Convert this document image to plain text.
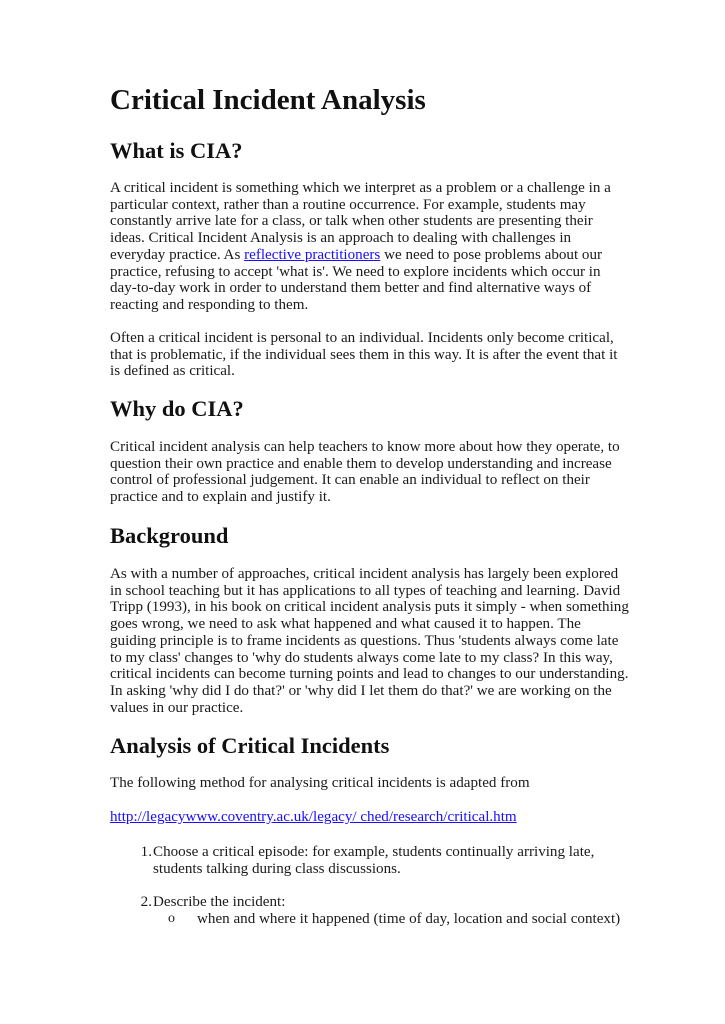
Critical Incident Analysis
What is CIA?

A critical incident is something which we interpret as a problem or a challenge in a particular context, rather than a routine occurrence. For example, students may constantly arrive late for a class, or talk when other students are presenting their ideas. Critical Incident Analysis is an approach to dealing with challenges in everyday practice. As reflective practitioners we need to pose problems about our practice, refusing to accept 'what is'. We need to explore incidents which occur in day-to-day work in order to understand them better and find alternative ways of reacting and responding to them.

Often a critical incident is personal to an individual. Incidents only become critical, that is problematic, if the individual sees them in this way. It is after the event that it is defined as critical.

Why do CIA?

Critical incident analysis can help teachers to know more about how they operate, to question their own practice and enable them to develop understanding and increase control of professional judgement. It can enable an individual to reflect on their practice and to explain and justify it.

Background

As with a number of approaches, critical incident analysis has largely been explored in school teaching but it has applications to all types of teaching and learning. David Tripp (1993), in his book on critical incident analysis puts it simply - when something goes wrong, we need to ask what happened and what caused it to happen. The guiding principle is to frame incidents as questions. Thus 'students always come late to my class' changes to 'why do students always come late to my class? In this way, critical incidents can become turning points and lead to changes to our understanding. In asking 'why did I do that?' or 'why did I let them do that?' we are working on the values in our practice.

Analysis of Critical Incidents

The following method for analysing critical incidents is adapted from

http://legacywww.coventry.ac.uk/legacy/ ched/research/critical.htm

1. Choose a critical episode: for example, students continually arriving late, students talking during class discussions.
2. Describe the incident:
o when and where it happened (time of day, location and social context)
